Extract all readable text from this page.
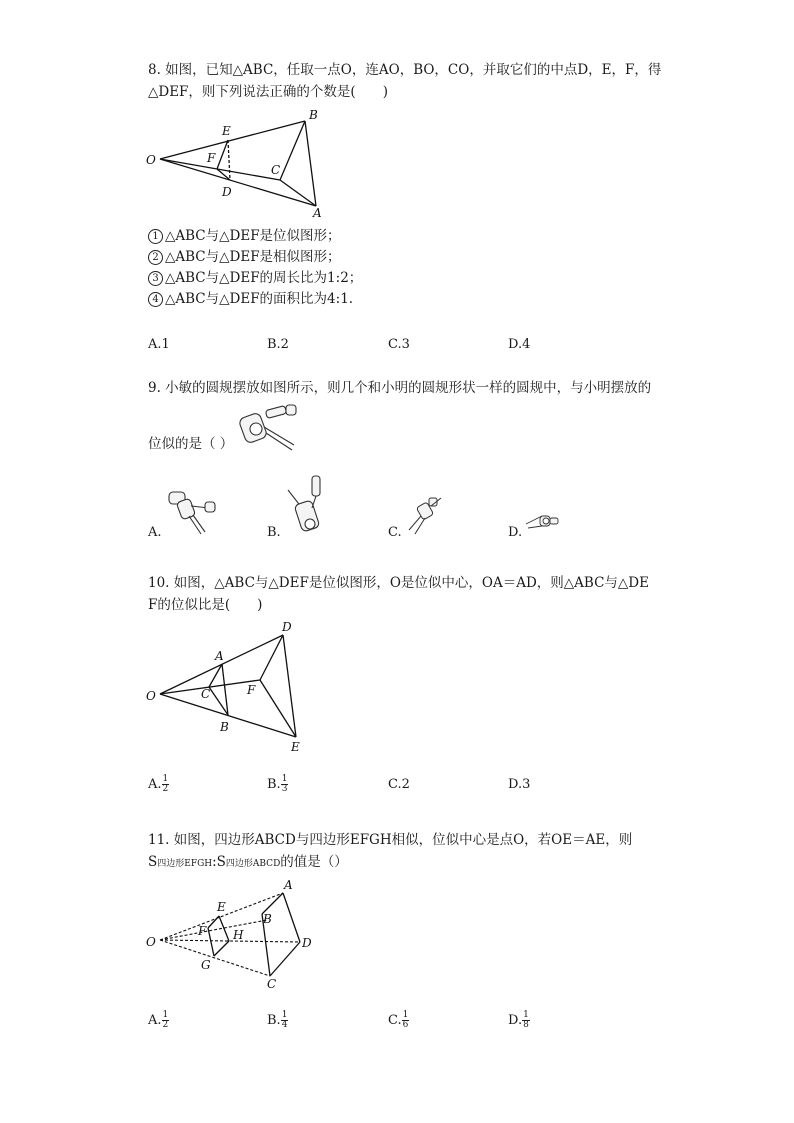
8. 如图，已知△ABC，任取一点O，连AO，BO，CO，并取它们的中点D，E，F，得
△DEF，则下列说法正确的个数是(　　)
O
E
B
F
C
D
A
1 △ABC与△DEF是位似图形；
2 △ABC与△DEF是相似图形；
3 △ABC与△DEF的周长比为1:2；
4 △ABC与△DEF的面积比为4:1.
A.1	B.2	C.3	D.4
9. 小敏的圆规摆放如图所示，则几个和小明的圆规形状一样的圆规中，与小明摆放的
位似的是（ ）
A.	B.	C.	D.
10. 如图，△ABC与△DEF是位似图形，O是位似中心，OA＝AD，则△ABC与△DE
F的位似比是(　　)
O
A
D
C	F
B
E
A. $\frac{1}{2}$	B. $\frac{1}{3}$	C.2	D.3
11. 如图，四边形ABCD与四边形EFGH相似，位似中心是点O，若OE＝AE，则
S四边形EFGH:S四边形ABCD的值是（）
O
A
B
D
C
E
F H
G
A. $\frac{1}{2}$	B. $\frac{1}{4}$	C. $\frac{1}{6}$	D. $\frac{1}{8}$
